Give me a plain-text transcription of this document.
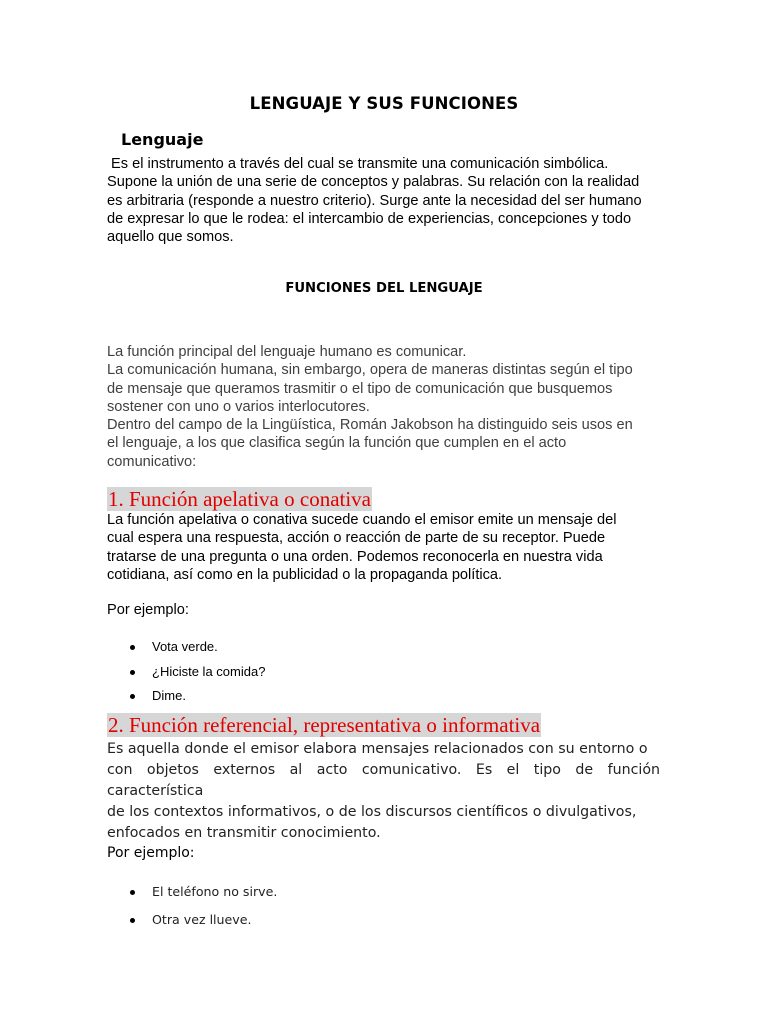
LENGUAJE Y SUS FUNCIONES
Lenguaje
Es el instrumento a través del cual se transmite una comunicación simbólica.
Supone la unión de una serie de conceptos y palabras. Su relación con la realidad
es arbitraria (responde a nuestro criterio). Surge ante la necesidad del ser humano
de expresar lo que le rodea: el intercambio de experiencias, concepciones y todo
aquello que somos.
FUNCIONES DEL LENGUAJE
La función principal del lenguaje humano es comunicar.
La comunicación humana, sin embargo, opera de maneras distintas según el tipo
de mensaje que queramos trasmitir o el tipo de comunicación que busquemos
sostener con uno o varios interlocutores.
Dentro del campo de la Lingüística, Román Jakobson ha distinguido seis usos en
el lenguaje, a los que clasifica según la función que cumplen en el acto
comunicativo:
1. Función apelativa o conativa
La función apelativa o conativa sucede cuando el emisor emite un mensaje del
cual espera una respuesta, acción o reacción de parte de su receptor. Puede
tratarse de una pregunta o una orden. Podemos reconocerla en nuestra vida
cotidiana, así como en la publicidad o la propaganda política.
Por ejemplo:
Vota verde.
¿Hiciste la comida?
Dime.
2. Función referencial, representativa o informativa
Es aquella donde el emisor elabora mensajes relacionados con su entorno o
con objetos externos al acto comunicativo. Es el tipo de función característica
de los contextos informativos, o de los discursos científicos o divulgativos,
enfocados en transmitir conocimiento.
Por ejemplo:
El teléfono no sirve.
Otra vez llueve.
